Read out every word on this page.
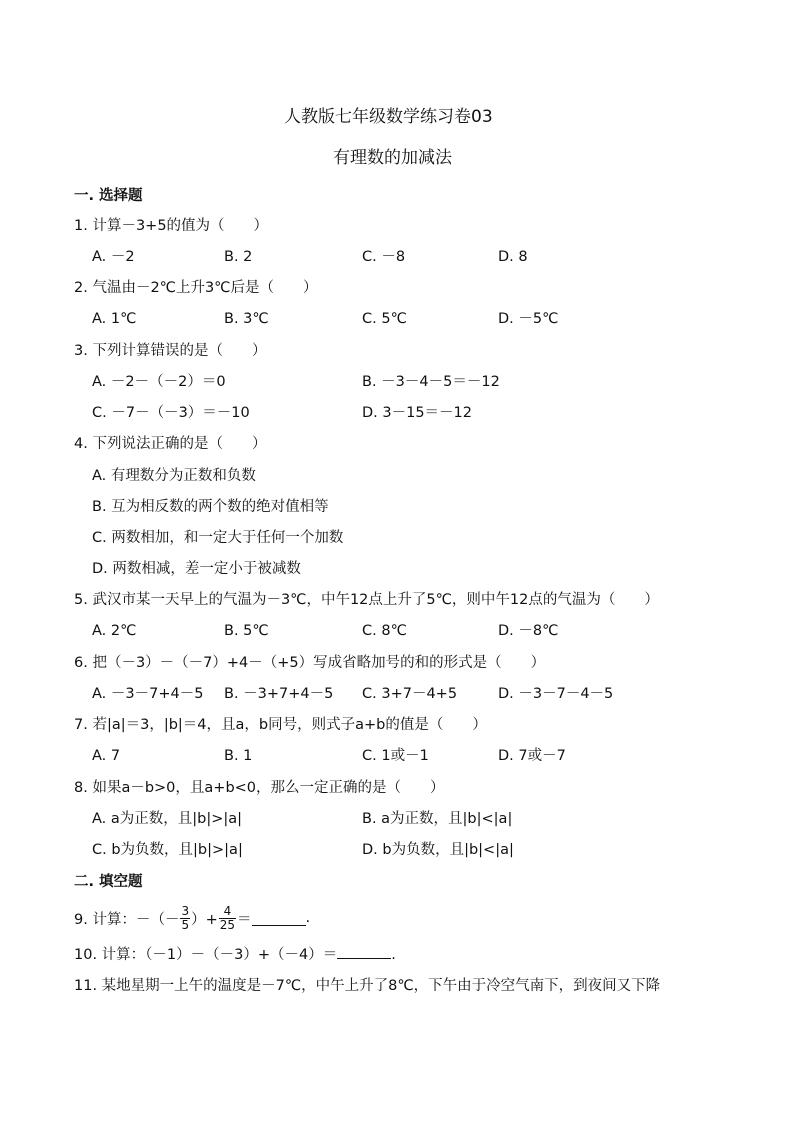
人教版七年级数学练习卷03
有理数的加减法
一. 选择题
1. 计算－3+5的值为（　　）
A. －2	B. 2	C. －8	D. 8
2. 气温由－2℃上升3℃后是（　　）
A. 1℃	B. 3℃	C. 5℃	D. －5℃
3. 下列计算错误的是（　　）
A. －2－（－2）＝0	B. －3－4－5＝－12
C. －7－（－3）＝－10	D. 3－15＝－12
4. 下列说法正确的是（　　）
A. 有理数分为正数和负数
B. 互为相反数的两个数的绝对值相等
C. 两数相加，和一定大于任何一个加数
D. 两数相减，差一定小于被减数
5. 武汉市某一天早上的气温为－3℃，中午12点上升了5℃，则中午12点的气温为（　　）
A. 2℃	B. 5℃	C. 8℃	D. －8℃
6. 把（－3）－（－7）+4－（+5）写成省略加号的和的形式是（　　）
A. －3－7+4－5 B. －3+7+4－5 C. 3+7－4+5	D. －3－7－4－5
7. 若|a|＝3，|b|＝4，且a，b同号，则式子a+b的值是（　　）
A. 7	B. 1	C. 1或－1	D. 7或－7
8. 如果a－b>0，且a+b<0，那么一定正确的是（　　）
A. a为正数，且|b|>|a|	B. a为正数，且|b|<|a|
C. b为负数，且|b|>|a|	D. b为负数，且|b|<|a|
二. 填空题
9. 计算：－（－ $\frac{3}{5}$ ）+ $\frac{4}{25}$ ＝	.
10. 计算：（－1）－（－3）+（－4）＝	.
11. 某地星期一上午的温度是－7℃，中午上升了8℃，下午由于冷空气南下，到夜间又下降
